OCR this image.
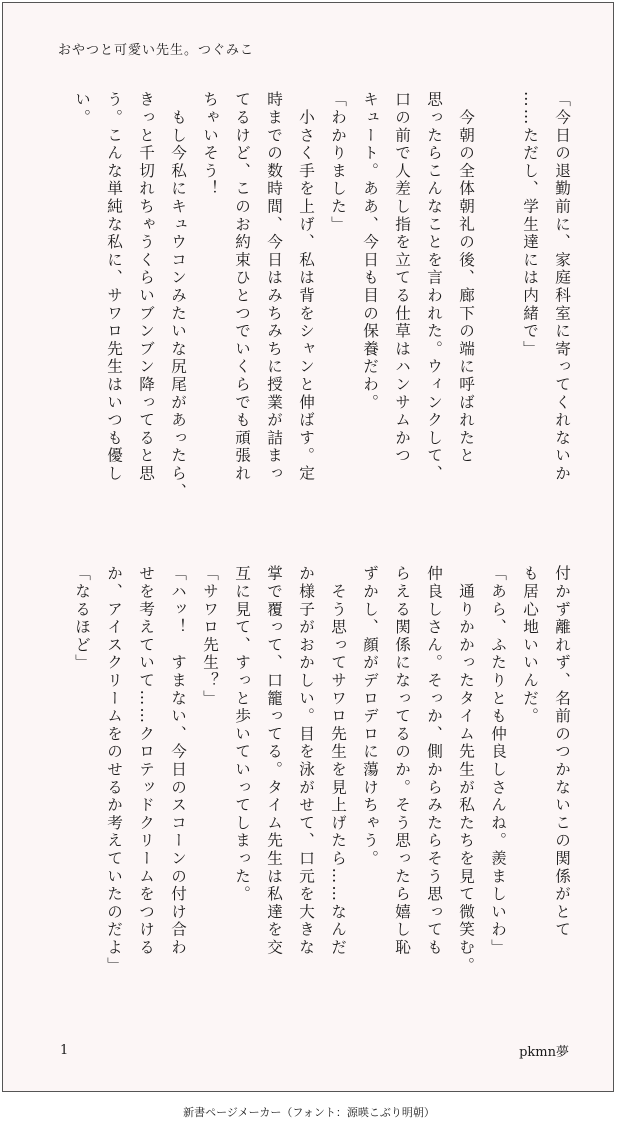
おやつと可愛い先生。つぐみこ
「今日の退勤前に、家庭科室に寄ってくれないか
……ただし、学生達には内緒で」

　今朝の全体朝礼の後、廊下の端に呼ばれたと
思ったらこんなことを言われた。ウィンクして、
口の前で人差し指を立てる仕草はハンサムかつ
キュート。ああ、今日も目の保養だわ。
「わかりました」
　小さく手を上げ、私は背をシャンと伸ばす。定
時までの数時間、今日はみちみちに授業が詰まっ
てるけど、このお約束ひとつでいくらでも頑張れ
ちゃいそう！
　もし今私にキュウコンみたいな尻尾があったら、
きっと千切れちゃうくらいブンブン降ってると思
う。こんな単純な私に、サワロ先生はいつも優し
い。
付かず離れず、名前のつかないこの関係がとて
も居心地いいんだ。
「あら、ふたりとも仲良しさんね。羨ましいわ」
　通りかかったタイム先生が私たちを見て微笑む。
仲良しさん。そっか、側からみたらそう思っても
らえる関係になってるのか。そう思ったら嬉し恥
ずかし、顔がデロデロに蕩けちゃう。
　そう思ってサワロ先生を見上げたら……なんだ
か様子がおかしい。目を泳がせて、口元を大きな
掌で覆って、口籠ってる。タイム先生は私達を交
互に見て、すっと歩いていってしまった。
「サワロ先生？」
「ハッ！　すまない、今日のスコーンの付け合わ
せを考えていて……クロテッドクリームをつける
か、アイスクリームをのせるか考えていたのだよ」
「なるほど」
1	pkmn夢
新書ページメーカー（フォント：源暎こぶり明朝）
